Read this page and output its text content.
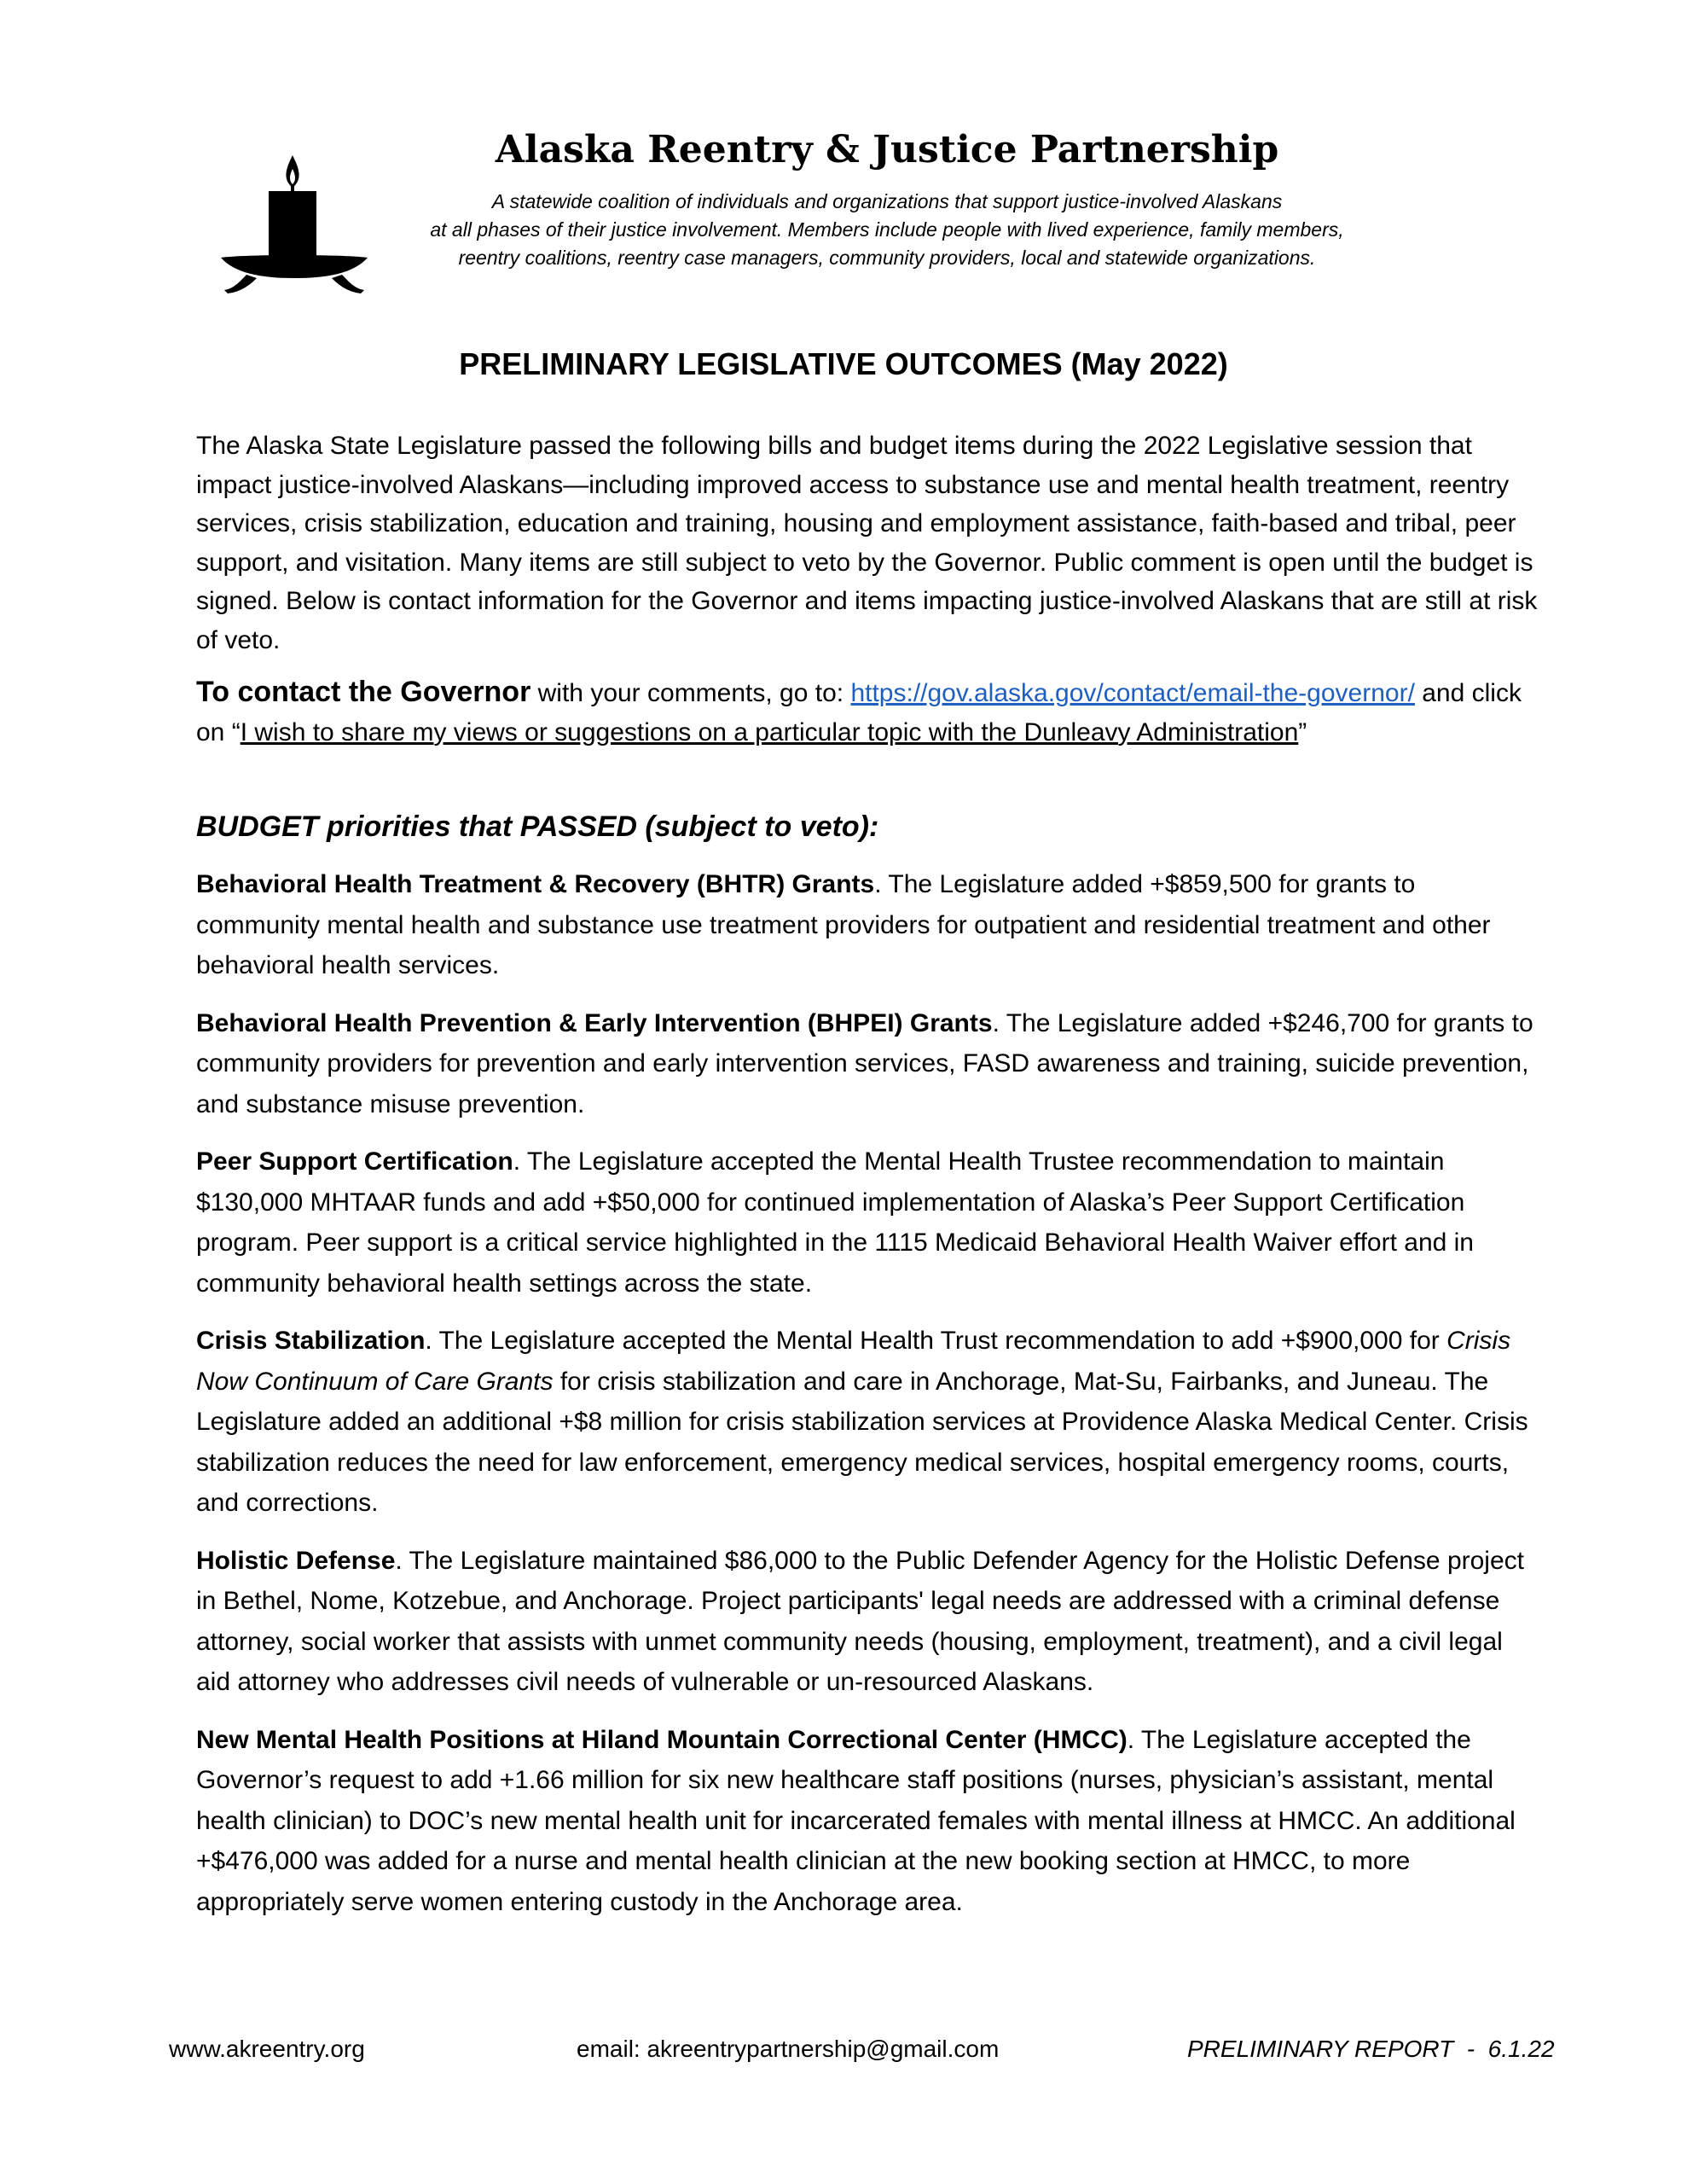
Alaska Reentry & Justice Partnership
A statewide coalition of individuals and organizations that support justice-involved Alaskans
at all phases of their justice involvement. Members include people with lived experience, family members,
reentry coalitions, reentry case managers, community providers, local and statewide organizations.
PRELIMINARY LEGISLATIVE OUTCOMES (May 2022)

The Alaska State Legislature passed the following bills and budget items during the 2022 Legislative session that impact justice-involved Alaskans—including improved access to substance use and mental health treatment, reentry services, crisis stabilization, education and training, housing and employment assistance, faith-based and tribal, peer support, and visitation. Many items are still subject to veto by the Governor. Public comment is open until the budget is signed. Below is contact information for the Governor and items impacting justice-involved Alaskans that are still at risk of veto.

To contact the Governor with your comments, go to: https://gov.alaska.gov/contact/email-the-governor/ and click on “I wish to share my views or suggestions on a particular topic with the Dunleavy Administration”

BUDGET priorities that PASSED (subject to veto):

Behavioral Health Treatment & Recovery (BHTR) Grants. The Legislature added +$859,500 for grants to community mental health and substance use treatment providers for outpatient and residential treatment and other behavioral health services.

Behavioral Health Prevention & Early Intervention (BHPEI) Grants. The Legislature added +$246,700 for grants to community providers for prevention and early intervention services, FASD awareness and training, suicide prevention, and substance misuse prevention.

Peer Support Certification. The Legislature accepted the Mental Health Trustee recommendation to maintain $130,000 MHTAAR funds and add +$50,000 for continued implementation of Alaska’s Peer Support Certification program. Peer support is a critical service highlighted in the 1115 Medicaid Behavioral Health Waiver effort and in community behavioral health settings across the state.

Crisis Stabilization. The Legislature accepted the Mental Health Trust recommendation to add +$900,000 for Crisis Now Continuum of Care Grants for crisis stabilization and care in Anchorage, Mat-Su, Fairbanks, and Juneau. The Legislature added an additional +$8 million for crisis stabilization services at Providence Alaska Medical Center. Crisis stabilization reduces the need for law enforcement, emergency medical services, hospital emergency rooms, courts, and corrections.

Holistic Defense. The Legislature maintained $86,000 to the Public Defender Agency for the Holistic Defense project in Bethel, Nome, Kotzebue, and Anchorage. Project participants' legal needs are addressed with a criminal defense attorney, social worker that assists with unmet community needs (housing, employment, treatment), and a civil legal aid attorney who addresses civil needs of vulnerable or un-resourced Alaskans.

New Mental Health Positions at Hiland Mountain Correctional Center (HMCC). The Legislature accepted the Governor’s request to add +1.66 million for six new healthcare staff positions (nurses, physician’s assistant, mental health clinician) to DOC’s new mental health unit for incarcerated females with mental illness at HMCC. An additional +$476,000 was added for a nurse and mental health clinician at the new booking section at HMCC, to more appropriately serve women entering custody in the Anchorage area.

www.akreentry.org	email: akreentrypartnership@gmail.com	PRELIMINARY REPORT  -  6.1.22
